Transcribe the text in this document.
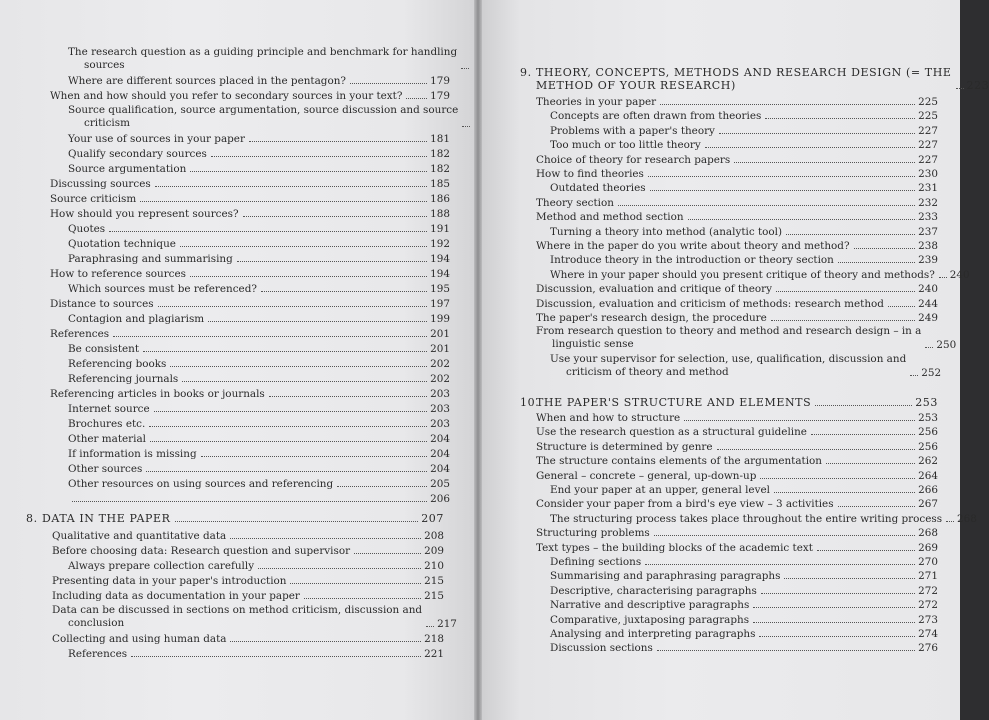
The research question as a guiding principle and benchmark for handling
sources
Where are different sources placed in the pentagon?	179
When and how should you refer to secondary sources in your text?	179
Source qualification, source argumentation, source discussion and source
criticism
Your use of sources in your paper	181
Qualify secondary sources	182
Source argumentation	182
Discussing sources	185
Source criticism	186
How should you represent sources?	188
Quotes	191
Quotation technique	192
Paraphrasing and summarising	194
How to reference sources	194
Which sources must be referenced?	195
Distance to sources	197
Contagion and plagiarism	199
References	201
Be consistent	201
Referencing books	202
Referencing journals	202
Referencing articles in books or journals	203
Internet source	203
Brochures etc.	203
Other material	204
If information is missing	204
Other sources	204
Other resources on using sources and referencing	205
206
8. DATA IN THE PAPER	207
Qualitative and quantitative data	208
Before choosing data: Research question and supervisor	209
Always prepare collection carefully	210
Presenting data in your paper's introduction	215
Including data as documentation in your paper	215
Data can be discussed in sections on method criticism, discussion and
conclusion	217
Collecting and using human data	218
References	221
9. THEORY, CONCEPTS, METHODS AND RESEARCH DESIGN (= THE
METHOD OF YOUR RESEARCH)	223
Theories in your paper	225
Concepts are often drawn from theories	225
Problems with a paper's theory	227
Too much or too little theory	227
Choice of theory for research papers	227
How to find theories	230
Outdated theories	231
Theory section	232
Method and method section	233
Turning a theory into method (analytic tool)	237
Where in the paper do you write about theory and method?	238
Introduce theory in the introduction or theory section	239
Where in your paper should you present critique of theory and methods? 240
Discussion, evaluation and critique of theory	240
Discussion, evaluation and criticism of methods: research method	244
The paper's research design, the procedure	249
From research question to theory and method and research design – in a
linguistic sense	250
Use your supervisor for selection, use, qualification, discussion and
criticism of theory and method	252
10.THE PAPER'S STRUCTURE AND ELEMENTS	253
When and how to structure	253
Use the research question as a structural guideline	256
Structure is determined by genre	256
The structure contains elements of the argumentation	262
General – concrete – general, up-down-up	264
End your paper at an upper, general level	266
Consider your paper from a bird's eye view – 3 activities	267
The structuring process takes place throughout the entire writing process 268
Structuring problems	268
Text types – the building blocks of the academic text	269
Defining sections	270
Summarising and paraphrasing paragraphs	271
Descriptive, characterising paragraphs	272
Narrative and descriptive paragraphs	272
Comparative, juxtaposing paragraphs	273
Analysing and interpreting paragraphs	274
Discussion sections	276
